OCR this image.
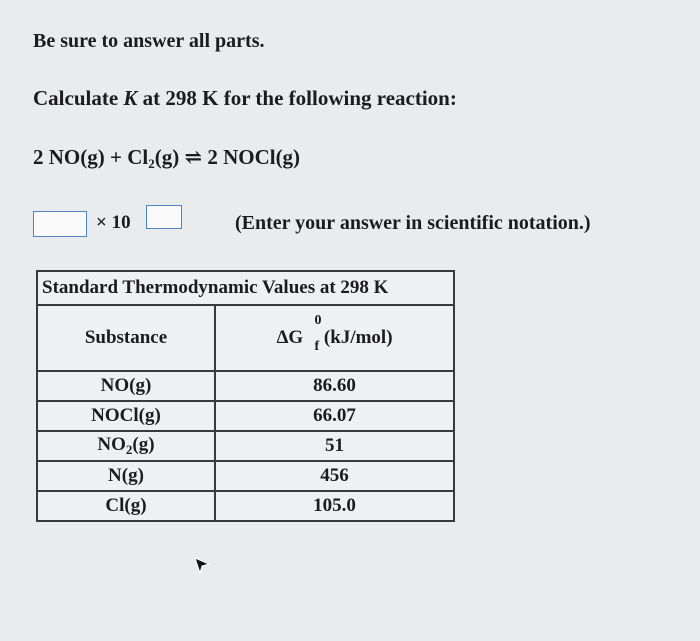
Be sure to answer all parts.
Calculate K at 298 K for the following reaction:
2 $NO(g) + Cl_2(g)$ ⇌ 2 NOCl(g)
× 10	(Enter your answer in scientific notation.)
Standard Thermodynamic Values at 298 K	
Substance	ΔG
0
f (kJ/mol)
NO(g)	86.60
NOCl(g)	66.07
$NO_2(g)$	51
N(g)	456
Cl(g)	105.0
